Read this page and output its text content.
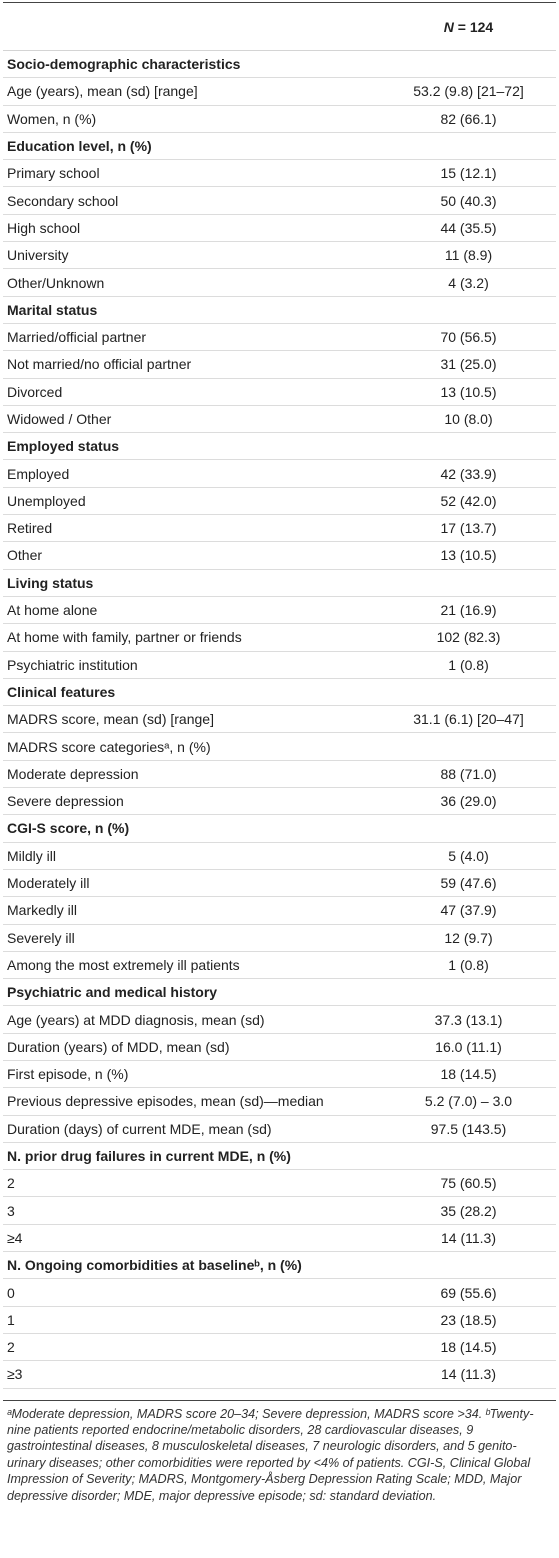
N = 124
Socio-demographic characteristics
Age (years), mean (sd) [range]	53.2 (9.8) [21–72]
Women, n (%)	82 (66.1)
Education level, n (%)
Primary school	15 (12.1)
Secondary school	50 (40.3)
High school	44 (35.5)
University	11 (8.9)
Other/Unknown	4 (3.2)
Marital status
Married/official partner	70 (56.5)
Not married/no official partner	31 (25.0)
Divorced	13 (10.5)
Widowed / Other	10 (8.0)
Employed status
Employed	42 (33.9)
Unemployed	52 (42.0)
Retired	17 (13.7)
Other	13 (10.5)
Living status
At home alone	21 (16.9)
At home with family, partner or friends	102 (82.3)
Psychiatric institution	1 (0.8)
Clinical features
MADRS score, mean (sd) [range]	31.1 (6.1) [20–47]
MADRS score categoriesᵃ, n (%)
Moderate depression	88 (71.0)
Severe depression	36 (29.0)
CGI-S score, n (%)
Mildly ill	5 (4.0)
Moderately ill	59 (47.6)
Markedly ill	47 (37.9)
Severely ill	12 (9.7)
Among the most extremely ill patients	1 (0.8)
Psychiatric and medical history
Age (years) at MDD diagnosis, mean (sd)	37.3 (13.1)
Duration (years) of MDD, mean (sd)	16.0 (11.1)
First episode, n (%)	18 (14.5)
Previous depressive episodes, mean (sd)—median	5.2 (7.0) – 3.0
Duration (days) of current MDE, mean (sd)	97.5 (143.5)
N. prior drug failures in current MDE, n (%)
2	75 (60.5)
3	35 (28.2)
≥4	14 (11.3)
N. Ongoing comorbidities at baselineᵇ, n (%)
0	69 (55.6)
1	23 (18.5)
2	18 (14.5)
≥3	14 (11.3)
ᵃModerate depression, MADRS score 20–34; Severe depression, MADRS score >34. ᵇTwenty-nine patients reported endocrine/metabolic disorders, 28 cardiovascular diseases, 9 gastrointestinal diseases, 8 musculoskeletal diseases, 7 neurologic disorders, and 5 genito-urinary diseases; other comorbidities were reported by <4% of patients. CGI-S, Clinical Global Impression of Severity; MADRS, Montgomery-Åsberg Depression Rating Scale; MDD, Major depressive disorder; MDE, major depressive episode; sd: standard deviation.
